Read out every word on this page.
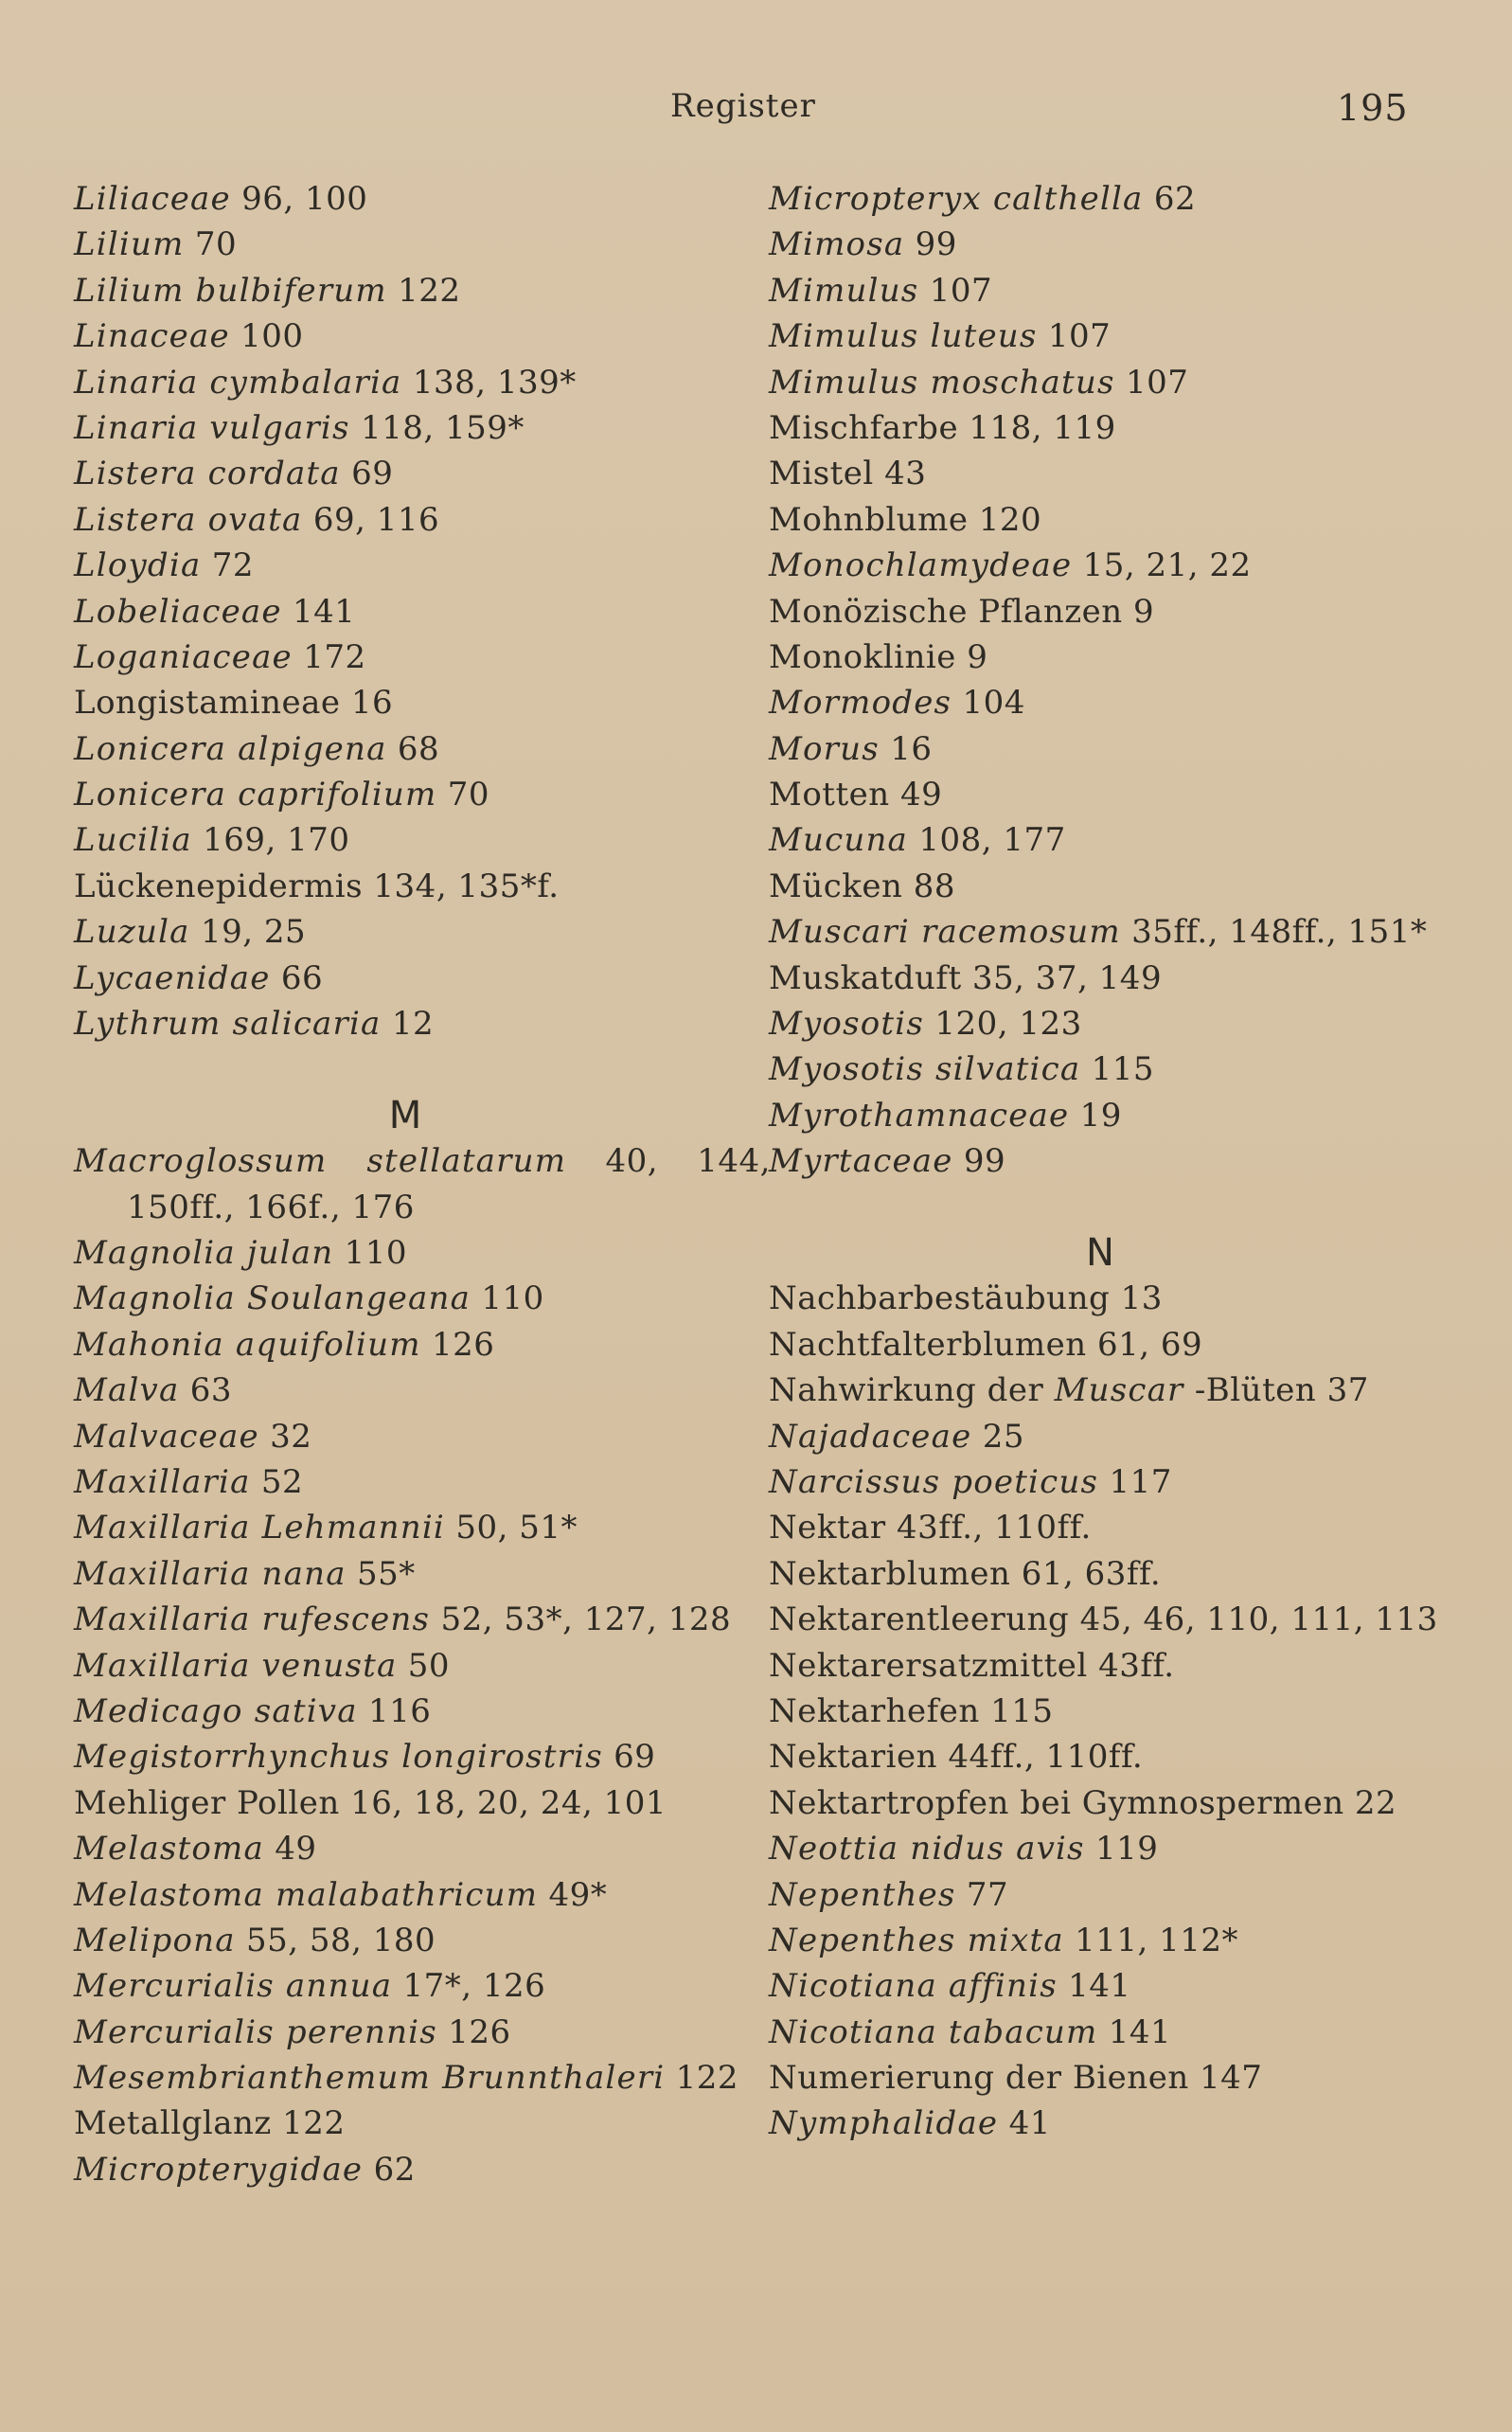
Register	195

Liliaceae 96, 100

Lilium 70

Lilium bulbiferum 122

Linaceae 100

Linaria cymbalaria 138, 139*

Linaria vulgaris 118, 159*

Listera cordata 69

Listera ovata 69, 116

Lloydia 72

Lobeliaceae 141

Loganiaceae 172

Longistamineae 16

Lonicera alpigena 68

Lonicera caprifolium 70

Lucilia 169, 170

Lückenepidermis 134, 135*f.

Luzula 19, 25

Lycaenidae 66

Lythrum salicaria 12

M

Macroglossum stellatarum 40, 144, 150ff., 166f., 176

Magnolia julan 110

Magnolia Soulangeana 110

Mahonia aquifolium 126

Malva 63

Malvaceae 32

Maxillaria 52

Maxillaria Lehmannii 50, 51*

Maxillaria nana 55*

Maxillaria rufescens 52, 53*, 127, 128

Maxillaria venusta 50

Medicago sativa 116

Megistorrhynchus longirostris 69

Mehliger Pollen 16, 18, 20, 24, 101

Melastoma 49

Melastoma malabathricum 49*

Melipona 55, 58, 180

Mercurialis annua 17*, 126

Mercurialis perennis 126

Mesembrianthemum Brunnthaleri 122

Metallglanz 122

Micropterygidae 62

Micropteryx calthella 62

Mimosa 99

Mimulus 107

Mimulus luteus 107

Mimulus moschatus 107

Mischfarbe 118, 119

Mistel 43

Mohnblume 120

Monochlamydeae 15, 21, 22

Monözische Pflanzen 9

Monoklinie 9

Mormodes 104

Morus 16

Motten 49

Mucuna 108, 177

Mücken 88

Muscari racemosum 35ff., 148ff., 151*

Muskatduft 35, 37, 149

Myosotis 120, 123

Myosotis silvatica 115

Myrothamnaceae 19

Myrtaceae 99

N

Nachbarbestäubung 13

Nachtfalterblumen 61, 69

Nahwirkung der Muscar -Blüten 37

Najadaceae 25

Narcissus poeticus 117

Nektar 43ff., 110ff.

Nektarblumen 61, 63ff.

Nektarentleerung 45, 46, 110, 111, 113

Nektarersatzmittel 43ff.

Nektarhefen 115

Nektarien 44ff., 110ff.

Nektartropfen bei Gymnospermen 22

Neottia nidus avis 119

Nepenthes 77

Nepenthes mixta 111, 112*

Nicotiana affinis 141

Nicotiana tabacum 141

Numerierung der Bienen 147

Nymphalidae 41
